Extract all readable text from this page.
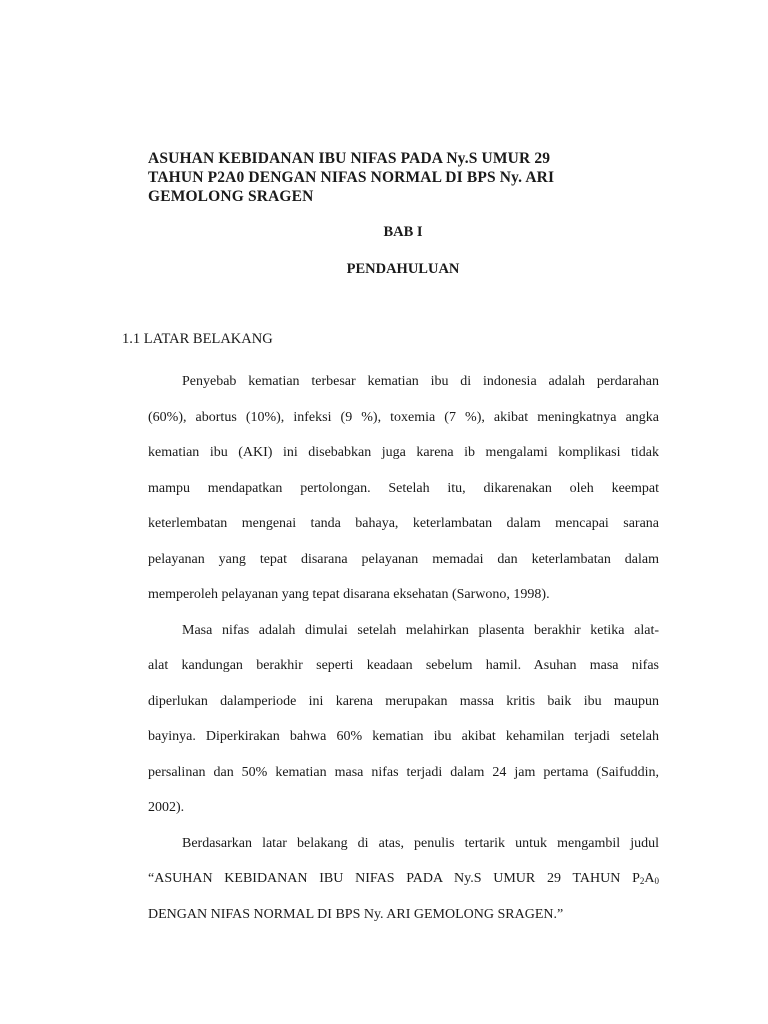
ASUHAN KEBIDANAN IBU NIFAS PADA Ny.S UMUR 29
TAHUN P2A0 DENGAN NIFAS NORMAL DI BPS Ny. ARI
GEMOLONG SRAGEN
BAB I
PENDAHULUAN
1.1 LATAR BELAKANG
Penyebab kematian terbesar kematian ibu di indonesia adalah perdarahan
(60%), abortus (10%), infeksi (9 %), toxemia (7 %), akibat meningkatnya angka
kematian ibu (AKI) ini disebabkan juga karena ib mengalami komplikasi tidak
mampu mendapatkan pertolongan. Setelah itu, dikarenakan oleh keempat
keterlembatan mengenai tanda bahaya, keterlambatan dalam mencapai sarana
pelayanan yang tepat disarana pelayanan memadai dan keterlambatan dalam
memperoleh pelayanan yang tepat disarana eksehatan (Sarwono, 1998).
Masa nifas adalah dimulai setelah melahirkan plasenta berakhir ketika alat-
alat kandungan berakhir seperti keadaan sebelum hamil. Asuhan masa nifas
diperlukan dalamperiode ini karena merupakan massa kritis baik ibu maupun
bayinya. Diperkirakan bahwa 60% kematian ibu akibat kehamilan terjadi setelah
persalinan dan 50% kematian masa nifas terjadi dalam 24 jam pertama (Saifuddin,
2002).
Berdasarkan latar belakang di atas, penulis tertarik untuk mengambil judul
“ASUHAN KEBIDANAN IBU NIFAS PADA Ny.S UMUR 29 TAHUN $P_2A_0$
DENGAN NIFAS NORMAL DI BPS Ny. ARI GEMOLONG SRAGEN.”
